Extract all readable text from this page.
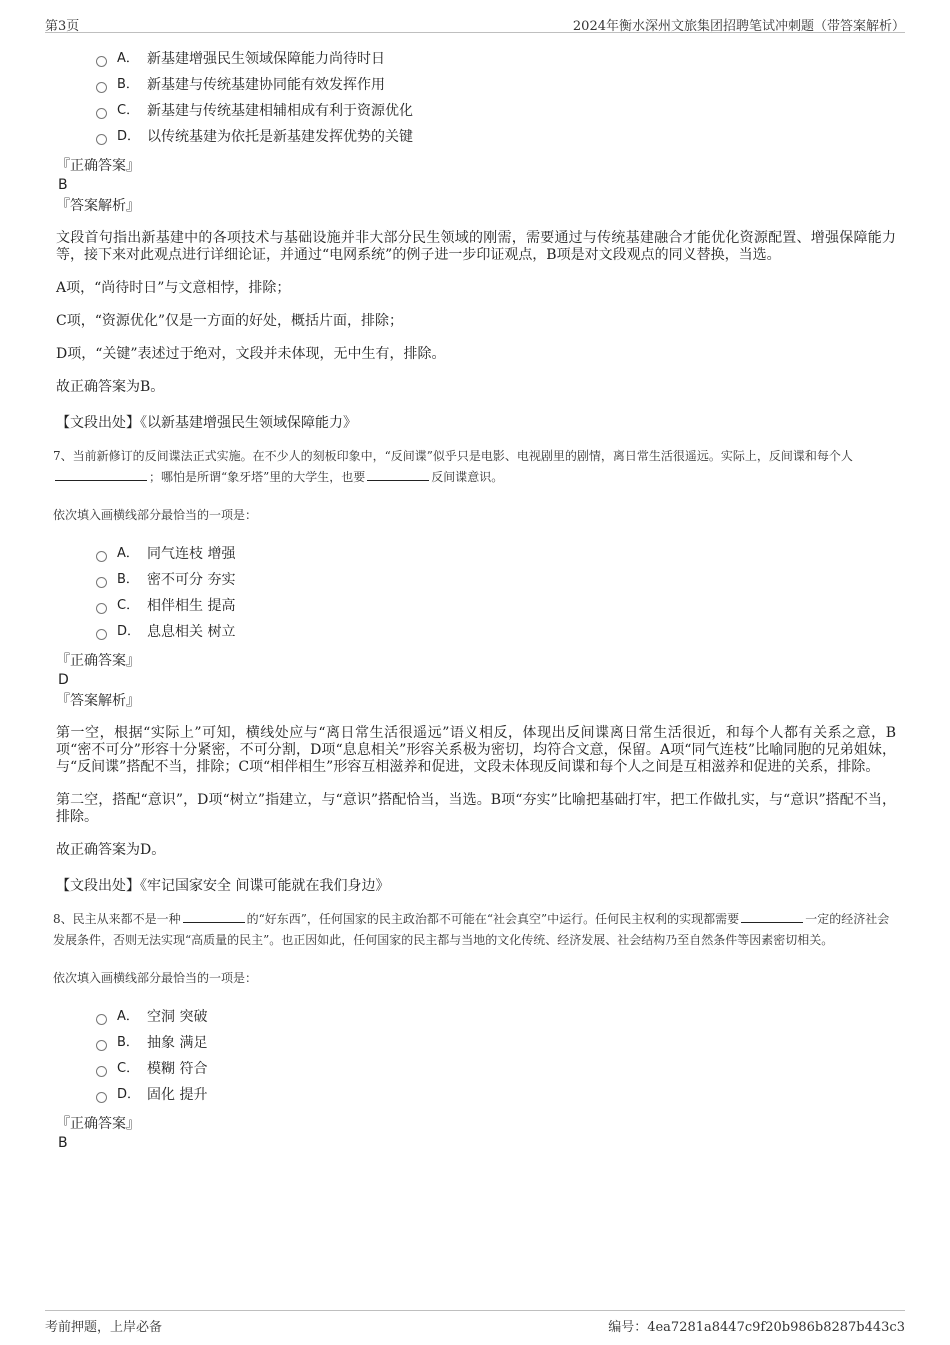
第3页	2024年衡水深州文旅集团招聘笔试冲刺题（带答案解析）
A． 新基建增强民生领域保障能力尚待时日
B． 新基建与传统基建协同能有效发挥作用
C． 新基建与传统基建相辅相成有利于资源优化
D． 以传统基建为依托是新基建发挥优势的关键
『正确答案』
B
『答案解析』

文段首句指出新基建中的各项技术与基础设施并非大部分民生领域的刚需，需要通过与传统基建融合才能优化资源配置、增强保障能力等，接下来对此观点进行详细论证，并通过“电网系统”的例子进一步印证观点，B项是对文段观点的同义替换，当选。

A项，“尚待时日”与文意相悖，排除；

C项，“资源优化”仅是一方面的好处，概括片面，排除；

D项，“关键”表述过于绝对，文段并未体现，无中生有，排除。

故正确答案为B。

【文段出处】《以新基建增强民生领域保障能力》
7、当前新修订的反间谍法正式实施。在不少人的刻板印象中，“反间谍”似乎只是电影、电视剧里的剧情，离日常生活很遥远。实际上，反间谍和每个人；哪怕是所谓“象牙塔”里的大学生，也要	反间谍意识。
依次填入画横线部分最恰当的一项是：
A． 同气连枝 增强
B． 密不可分 夯实
C． 相伴相生 提高
D． 息息相关 树立
『正确答案』
D
『答案解析』

第一空，根据“实际上”可知，横线处应与“离日常生活很遥远”语义相反，体现出反间谍离日常生活很近，和每个人都有关系之意，B项“密不可分”形容十分紧密，不可分割，D项“息息相关”形容关系极为密切，均符合文意，保留。A项“同气连枝”比喻同胞的兄弟姐妹，与“反间谍”搭配不当，排除；C项“相伴相生”形容互相滋养和促进，文段未体现反间谍和每个人之间是互相滋养和促进的关系，排除。

第二空，搭配“意识”，D项“树立”指建立，与“意识”搭配恰当，当选。B项“夯实”比喻把基础打牢，把工作做扎实，与“意识”搭配不当，排除。

故正确答案为D。

【文段出处】《牢记国家安全 间谍可能就在我们身边》
8、民主从来都不是一种	的“好东西”，任何国家的民主政治都不可能在“社会真空”中运行。任何民主权利的实现都需要	一定的经济社会发展条件，否则无法实现“高质量的民主”。也正因如此，任何国家的民主都与当地的文化传统、经济发展、社会结构乃至自然条件等因素密切相关。
依次填入画横线部分最恰当的一项是：
A． 空洞 突破
B． 抽象 满足
C． 模糊 符合
D． 固化 提升
『正确答案』
B
考前押题，上岸必备	编号：4ea7281a8447c9f20b986b8287b443c3
